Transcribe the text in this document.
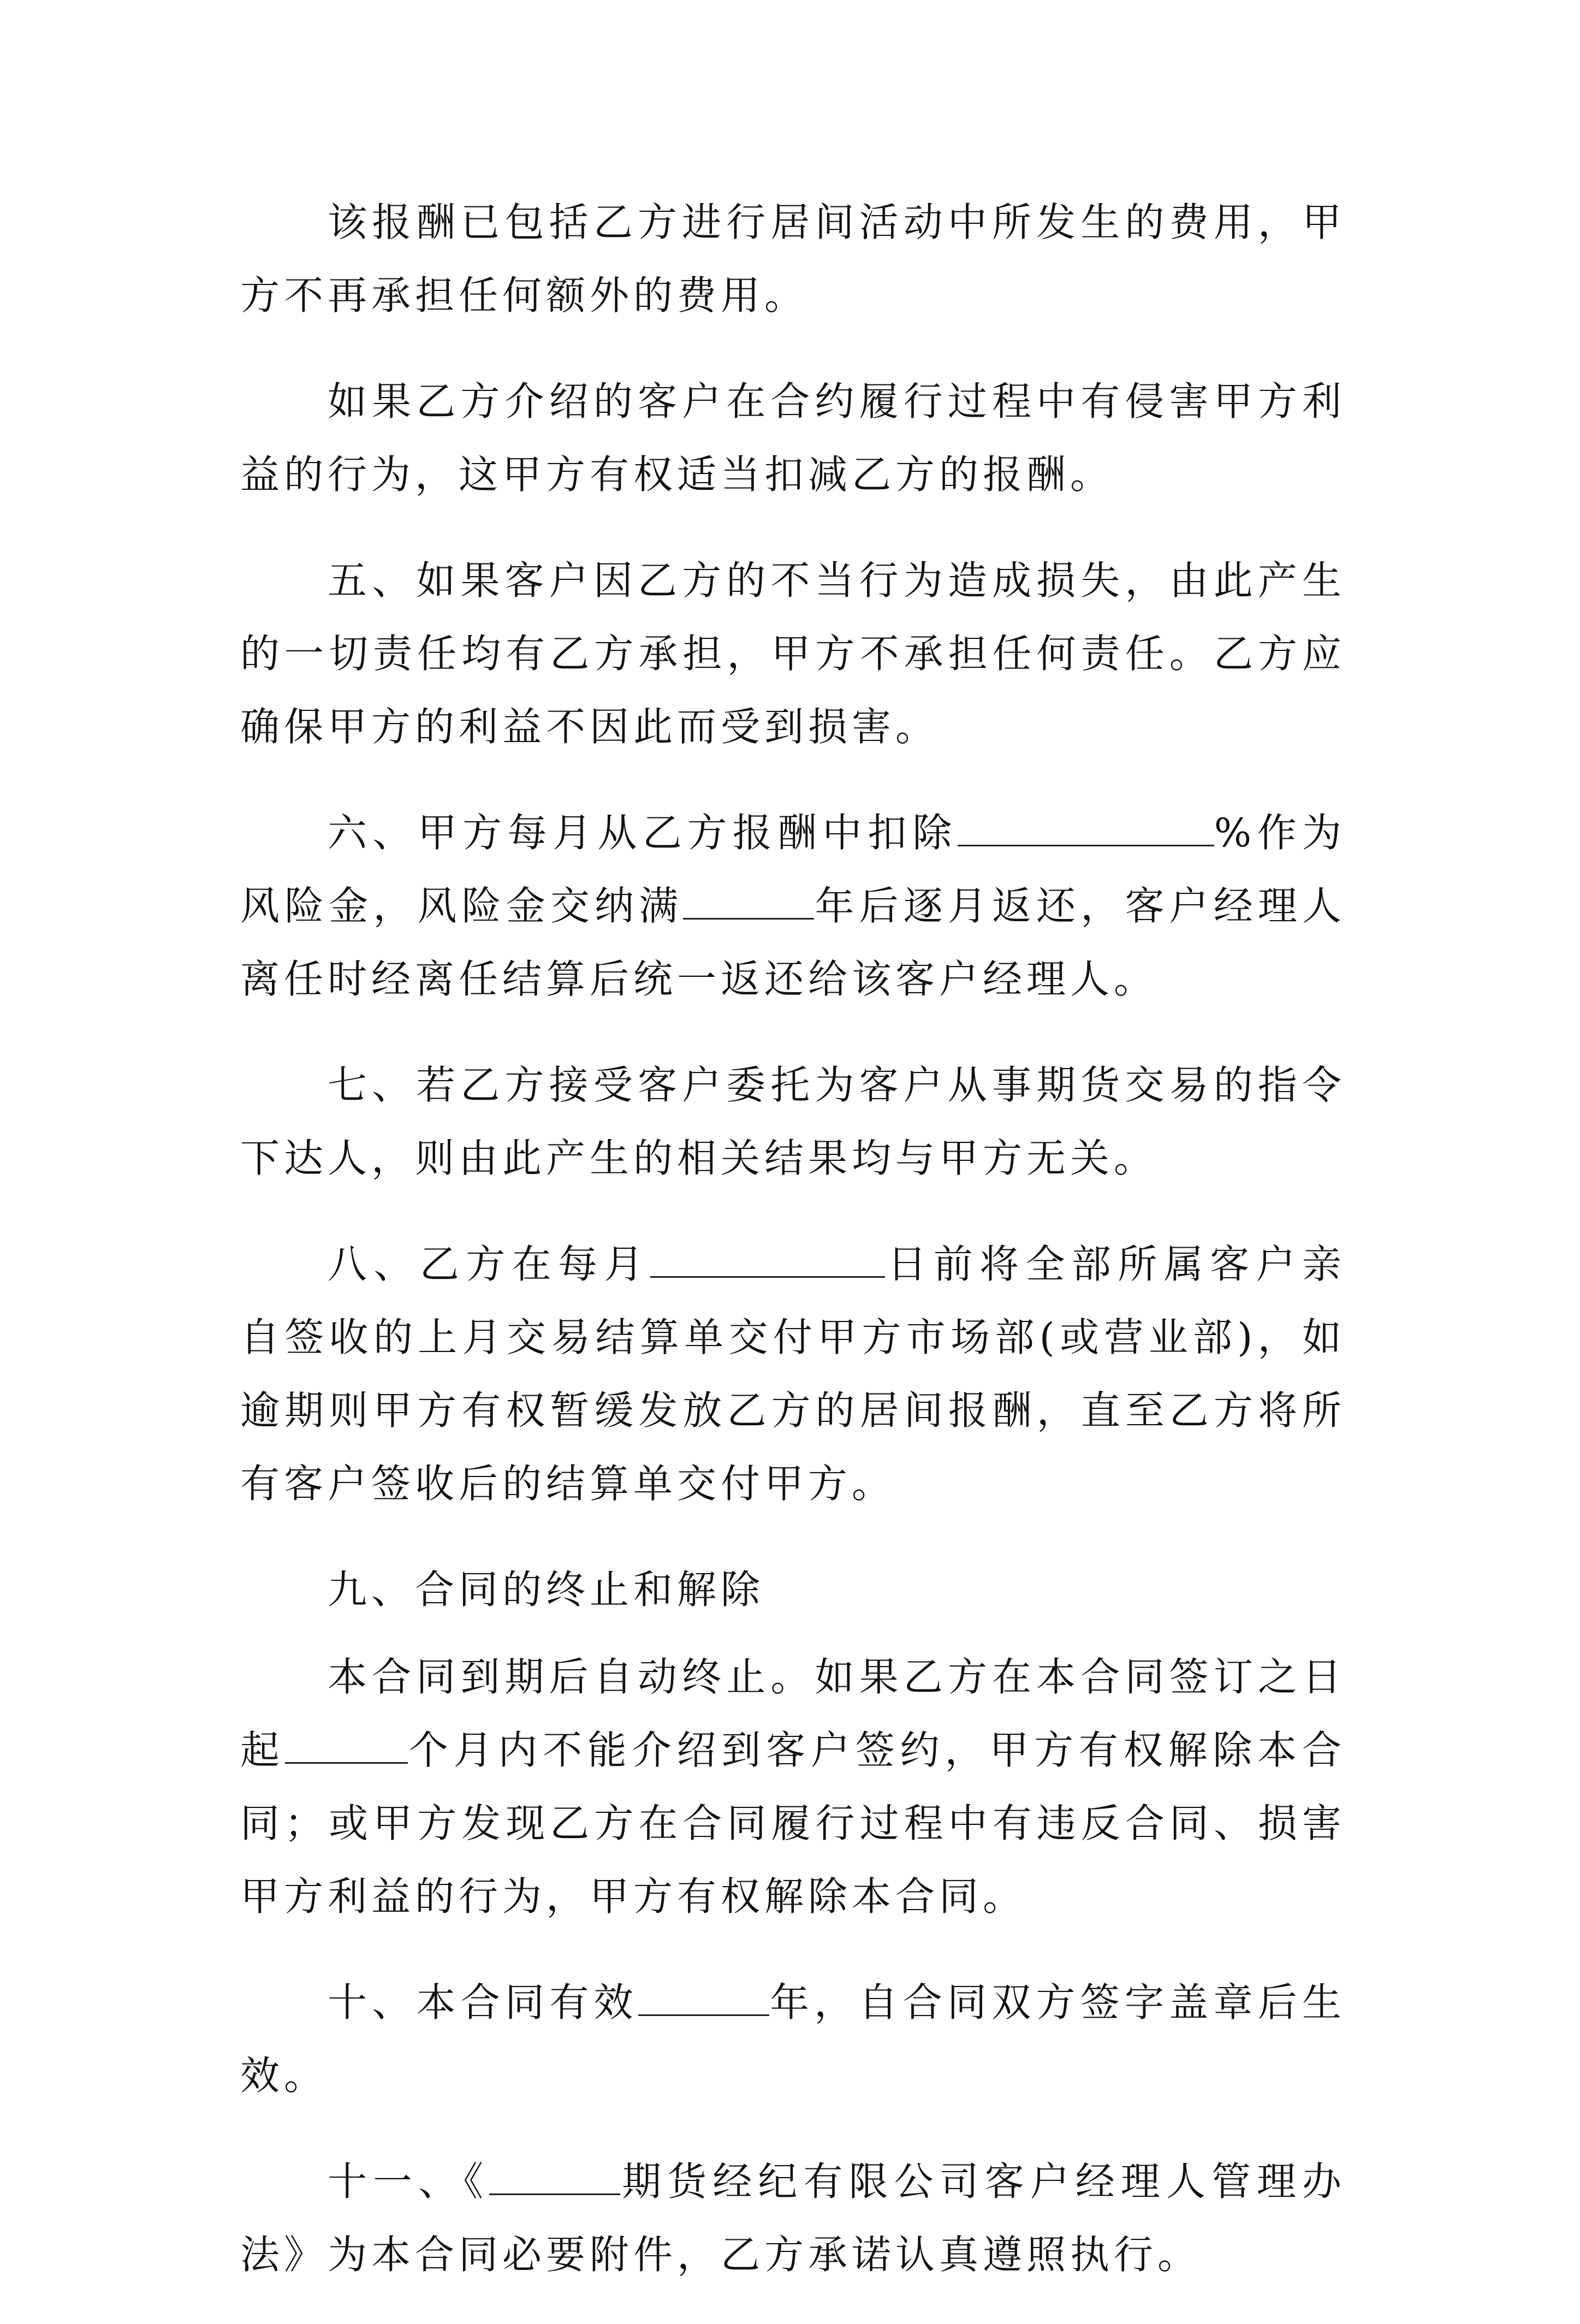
该报酬已包括乙方进行居间活动中所发生的费用，甲方不再承担任何额外的费用。

如果乙方介绍的客户在合约履行过程中有侵害甲方利益的行为，这甲方有权适当扣减乙方的报酬。

五、如果客户因乙方的不当行为造成损失，由此产生的一切责任均有乙方承担，甲方不承担任何责任。乙方应确保甲方的利益不因此而受到损害。

六、甲方每月从乙方报酬中扣除	%作为风险金，风险金交纳满	年后逐月返还，客户经理人离任时经离任结算后统一返还给该客户经理人。

七、若乙方接受客户委托为客户从事期货交易的指令下达人，则由此产生的相关结果均与甲方无关。

八、乙方在每月	日前将全部所属客户亲自签收的上月交易结算单交付甲方市场部(或营业部)，如逾期则甲方有权暂缓发放乙方的居间报酬，直至乙方将所有客户签收后的结算单交付甲方。

九、合同的终止和解除

本合同到期后自动终止。如果乙方在本合同签订之日起	个月内不能介绍到客户签约，甲方有权解除本合同；或甲方发现乙方在合同履行过程中有违反合同、损害甲方利益的行为，甲方有权解除本合同。

十、本合同有效	年，自合同双方签字盖章后生效。

十一、《	期货经纪有限公司客户经理人管理办法》为本合同必要附件，乙方承诺认真遵照执行。
